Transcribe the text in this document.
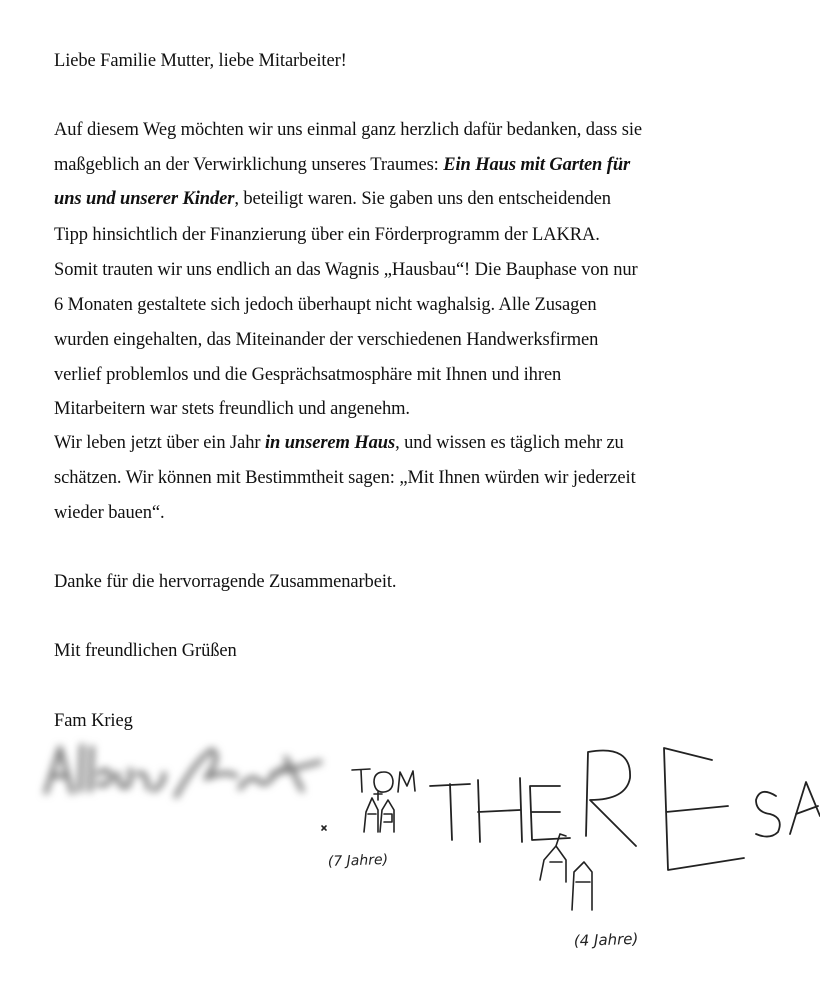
Liebe Familie Mutter, liebe Mitarbeiter!
Auf diesem Weg möchten wir uns einmal ganz herzlich dafür bedanken, dass sie
maßgeblich an der Verwirklichung unseres Traumes: Ein Haus mit Garten für
uns und unserer Kinder, beteiligt waren. Sie gaben uns den entscheidenden
Tipp hinsichtlich der Finanzierung über ein Förderprogramm der LAKRA.
Somit trauten wir uns endlich an das Wagnis „Hausbau“! Die Bauphase von nur
6 Monaten gestaltete sich jedoch überhaupt nicht waghalsig. Alle Zusagen
wurden eingehalten, das Miteinander der verschiedenen Handwerksfirmen
verlief problemlos und die Gesprächsatmosphäre mit Ihnen und ihren
Mitarbeitern war stets freundlich und angenehm.
Wir leben jetzt über ein Jahr in unserem Haus, und wissen es täglich mehr zu
schätzen. Wir können mit Bestimmtheit sagen: „Mit Ihnen würden wir jederzeit
wieder bauen“.
Danke für die hervorragende Zusammenarbeit.
Mit freundlichen Grüßen
Fam Krieg
(7 Jahre)
(4 Jahre)
